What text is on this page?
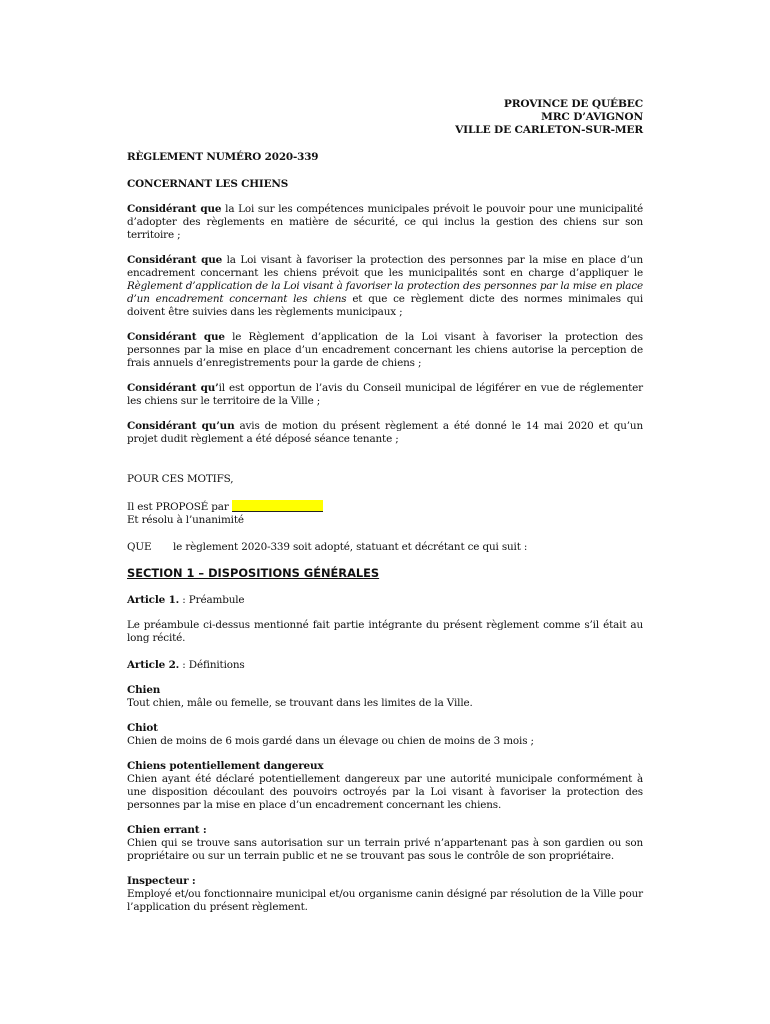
PROVINCE DE QUÉBEC
MRC D’AVIGNON
VILLE DE CARLETON-SUR-MER
RÈGLEMENT NUMÉRO 2020-339
CONCERNANT LES CHIENS

Considérant que la Loi sur les compétences municipales prévoit le pouvoir pour une municipalité d’adopter des règlements en matière de sécurité, ce qui inclus la gestion des chiens sur son territoire ;

Considérant que la Loi visant à favoriser la protection des personnes par la mise en place d’un encadrement concernant les chiens prévoit que les municipalités sont en charge d’appliquer le Règlement d’application de la Loi visant à favoriser la protection des personnes par la mise en place d’un encadrement concernant les chiens et que ce règlement dicte des normes minimales qui doivent être suivies dans les règlements municipaux ;

Considérant que le Règlement d’application de la Loi visant à favoriser la protection des personnes par la mise en place d’un encadrement concernant les chiens autorise la perception de frais annuels d’enregistrements pour la garde de chiens ;

Considérant qu’il est opportun de l’avis du Conseil municipal de légiférer en vue de réglementer les chiens sur le territoire de la Ville ;

Considérant qu’un avis de motion du présent règlement a été donné le 14 mai 2020 et qu’un projet dudit règlement a été déposé séance tenante ;

POUR CES MOTIFS,
Il est PROPOSÉ par
Et résolu à l’unanimité
QUE le règlement 2020-339 soit adopté, statuant et décrétant ce qui suit :
SECTION 1 – DISPOSITIONS GÉNÉRALES
Article 1. : Préambule

Le préambule ci-dessus mentionné fait partie intégrante du présent règlement comme s’il était au long récité.

Article 2. : Définitions
Chien

Tout chien, mâle ou femelle, se trouvant dans les limites de la Ville.

Chiot

Chien de moins de 6 mois gardé dans un élevage ou chien de moins de 3 mois ;

Chiens potentiellement dangereux

Chien ayant été déclaré potentiellement dangereux par une autorité municipale conformément à une disposition découlant des pouvoirs octroyés par la Loi visant à favoriser la protection des personnes par la mise en place d’un encadrement concernant les chiens.

Chien errant :

Chien qui se trouve sans autorisation sur un terrain privé n’appartenant pas à son gardien ou son propriétaire ou sur un terrain public et ne se trouvant pas sous le contrôle de son propriétaire.

Inspecteur :

Employé et/ou fonctionnaire municipal et/ou organisme canin désigné par résolution de la Ville pour l’application du présent règlement.
